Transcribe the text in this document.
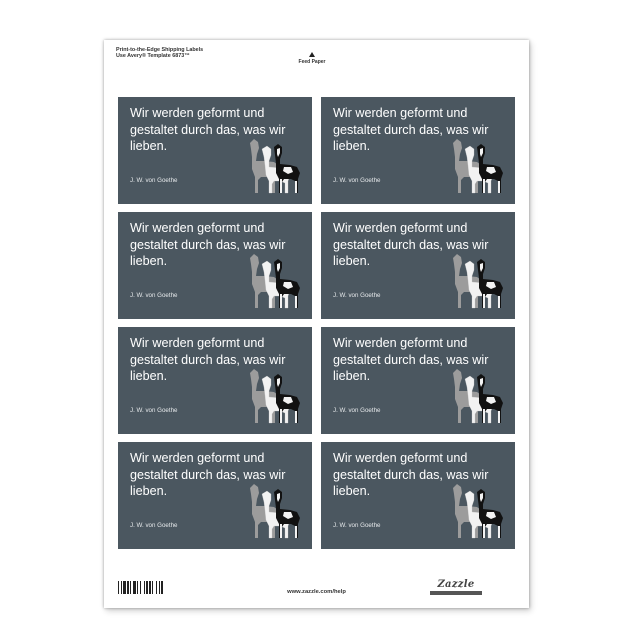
Print-to-the-Edge Shipping Labels
Use Avery® Template 6873™
Feed Paper
Wir werden geformt und
gestaltet durch das, was wir
lieben.
J. W. von Goethe
Wir werden geformt und
gestaltet durch das, was wir
lieben.
J. W. von Goethe
Wir werden geformt und
gestaltet durch das, was wir
lieben.
J. W. von Goethe
Wir werden geformt und
gestaltet durch das, was wir
lieben.
J. W. von Goethe
Wir werden geformt und
gestaltet durch das, was wir
lieben.
J. W. von Goethe
Wir werden geformt und
gestaltet durch das, was wir
lieben.
J. W. von Goethe
Wir werden geformt und
gestaltet durch das, was wir
lieben.
J. W. von Goethe
Wir werden geformt und
gestaltet durch das, was wir
lieben.
J. W. von Goethe
www.zazzle.com/help
Zazzle
